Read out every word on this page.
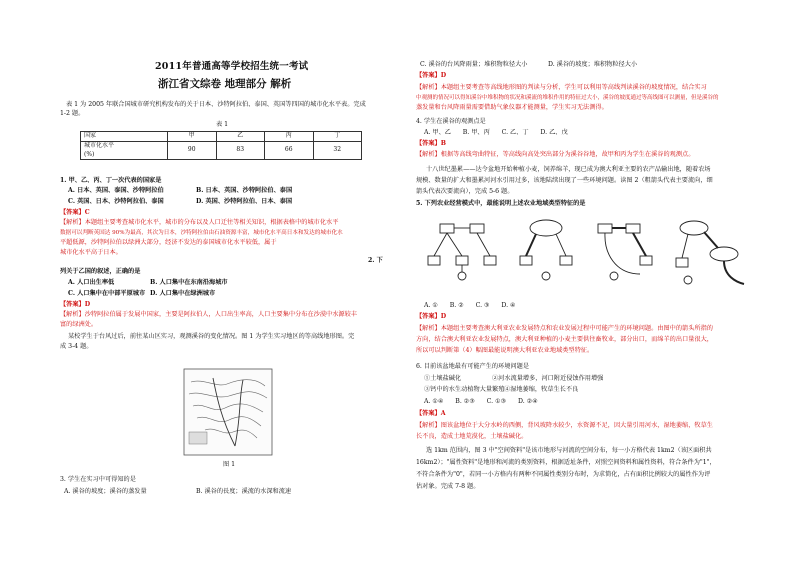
2011年普通高等学校招生统一考试
浙江省文综卷 地理部分 解析
表 1 为 2005 年联合国城市研究机构发布的关于日本、沙特阿拉伯、泰国、英国等四国的城市化水平表。完成
1-2 题。
表 1
国家	甲	乙	丙	丁
城市化水平
(%)	90	83	66	32
1. 甲、乙、丙、丁一次代表的国家是
A. 日本、英国、泰国、沙特阿拉伯	B. 日本、英国、沙特阿拉伯、泰国
C. 英国、日本、沙特阿拉伯、泰国	D. 英国、沙特阿拉伯、日本、泰国
【答案】C
【解析】本题组主要考查城市化水平，城市的分布以及人口迁往等相关知识，根据表格中的城市化水平
数据可以判断英国达 90%为最高，其次为日本，沙特阿拉伯由石油资源丰富，城市化水平高日本和发达的城市化水
平超低源，沙特阿拉伯以绿洲大部分，经济不发达的泰国城市化水平较低，属于
城市化水平高于日本。
2. 下
列关于乙国的叙述，正确的是
A. 人口出生率低	B. 人口集中在东南沿海城市
C. 人口集中在中部平原城市 D. 人口集中在绿洲城市
【答案】D
【解析】沙特阿拉伯属于发展中国家，主要是阿拉伯人，人口出生率高，人口主要集中分布在沙漠中水源较丰
富的绿洲处。
某校学生于台风过后，前往某山区实习，观测溪谷的变化情况。图 1 为学生实习地区的等高线地形图。完
成 3-4 题。
图 1
3. 学生在实习中可得知的是
A. 溪谷的坡度；溪谷的蒸发量	B. 溪谷的長度；溪流的水深和流速
C. 溪谷的台风降雨量；堆积物粒径大小	D. 溪谷的坡度；堆积物粒径大小
【答案】D
【解析】本题组主要考查等高线地形图的判读与分析，学生可以利用等高线判读溪谷的坡度情况，结合实习
中观测的情况可以得知溪谷中堆积物的状况和溪流的堆积作用的特征过大小，溪谷的坡度通过等高线图可以测量，但是溪谷的
蒸发量和台风降雨量需要借助气象仪器才能测量，学生实习无法测得。
4. 学生在溪谷的观测点是
A. 甲、乙      B. 甲、丙      C. 乙、丁      D. 乙、戊
【答案】B
【解析】根据等高线弯曲特征，等高线向高处突出部分为溪谷谷地，故甲和丙为学生在溪谷的观测点。
十八世纪墨累——达令盆地开始种植小麦，饲养绵羊，现已成为澳大利亚主要的农产品输出地，随着农场
规模、数量的扩大和墨累河河水引用过多，该地陆续出现了一些环境问题。读图 2（粗箭头代表主要流向，细
箭头代表次要流向），完成 5-6 题。
5. 下列农业经营模式中，最能说明上述农业地域类型特征的是
A. ①      B. ②      C. ③      D. ④
【答案】D
【解析】本题组主要考查澳大利亚农业发展特点和农业发展过程中可能产生的环境问题。由图中的箭头所指的
方向，结合澳大利亚农业发展特点，澳大利亚种植的小麦主要供往畜牧业，部分出口，而绵羊的出口量很大，
所以可以判断第（4）幅图最能说明澳大利亚农业地域类型特征。
6. 目前该盆地最有可能产生的环境问题是
①土壤盐碱化	②河水流量增多，河口附近侵蚀作用增强
③钙中的水生动植物大量繁殖 ④湿地萎缩，牧草生长不良
A. ①④      B. ②③      C. ①③      D. ②④
【答案】A
【解析】图该盆地位于大分水岭的西侧，背风坡降水较少，水资源不足，因大量引用河水，湿地萎缩，牧草生
长不良，造成土地荒漠化，土壤盐碱化。
选 1km 范围内，图 3 中"空间资料"是该市地形与河流的空间分布，每一小方格代表 1km2（该区面积共
16km2）；"属性资料"是地形和河流的类别资料，根据适址条件，对照空间资料和属性资料，符合条件为"1"，
不符合条件为"0"，若同一小方格内有两种不同属性类别分布时，为求简化，占有面积比例较大的属性作为评
估对象。完成 7-8 题。
